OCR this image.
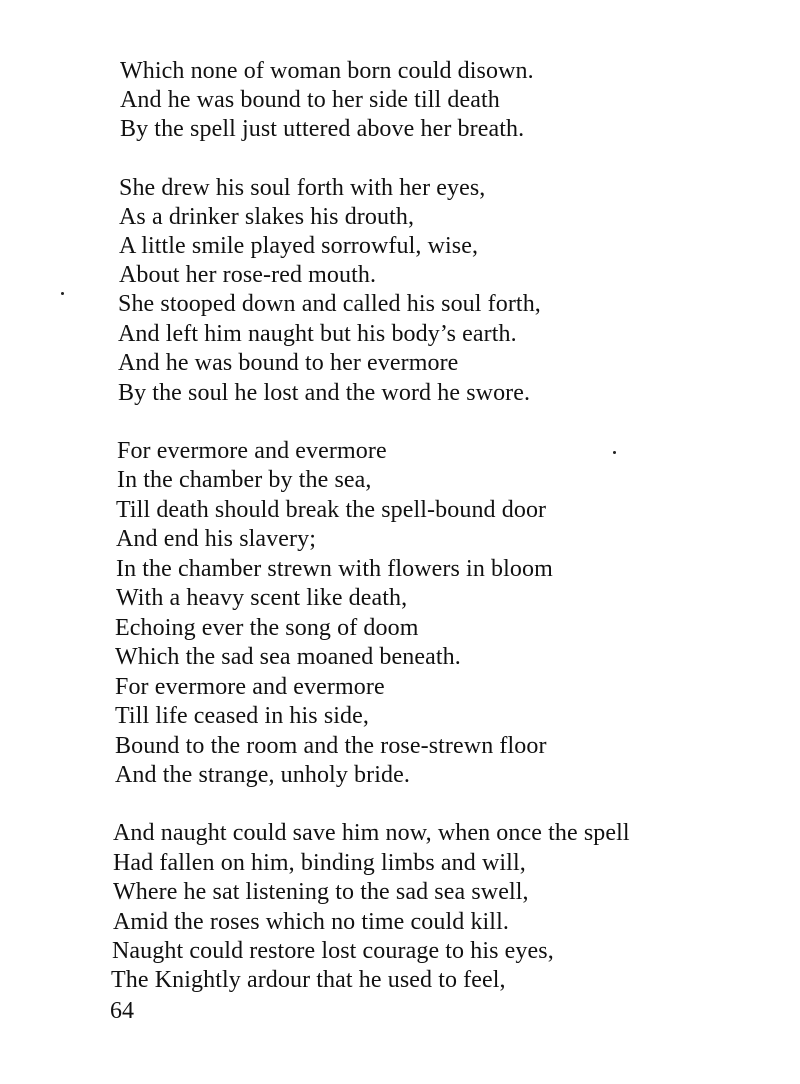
Which none of woman born could disown.
And he was bound to her side till death
By the spell just uttered above her breath.
She drew his soul forth with her eyes,
As a drinker slakes his drouth,
A little smile played sorrowful, wise,
About her rose-red mouth.
She stooped down and called his soul forth,
And left him naught but his body’s earth.
And he was bound to her evermore
By the soul he lost and the word he swore.
For evermore and evermore
In the chamber by the sea,
Till death should break the spell-bound door
And end his slavery;
In the chamber strewn with flowers in bloom
With a heavy scent like death,
Echoing ever the song of doom
Which the sad sea moaned beneath.
For evermore and evermore
Till life ceased in his side,
Bound to the room and the rose-strewn floor
And the strange, unholy bride.
And naught could save him now, when once the spell
Had fallen on him, binding limbs and will,
Where he sat listening to the sad sea swell,
Amid the roses which no time could kill.
Naught could restore lost courage to his eyes,
The Knightly ardour that he used to feel,
64
